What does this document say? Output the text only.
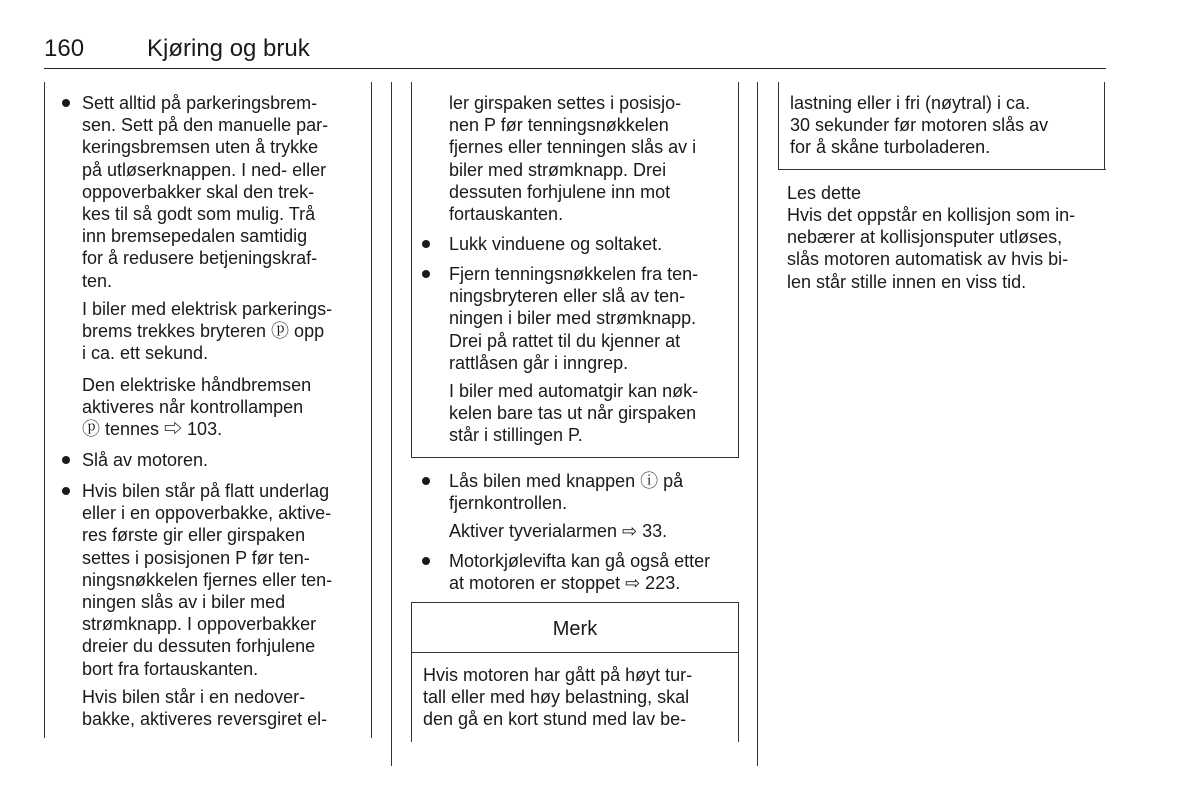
160	Kjøring og bruk
Sett alltid på parkeringsbrem-
sen. Sett på den manuelle par-
keringsbremsen uten å trykke
på utløserknappen. I ned- eller
oppoverbakker skal den trek-
kes til så godt som mulig. Trå
inn bremsepedalen samtidig
for å redusere betjeningskraf-
ten.
I biler med elektrisk parkerings-
brems trekkes bryteren ⓟ opp
i ca. ett sekund.
Den elektriske håndbremsen
aktiveres når kontrollampen
ⓟ tennes ⇨ 103.
Slå av motoren.
Hvis bilen står på flatt underlag
eller i en oppoverbakke, aktive-
res første gir eller girspaken
settes i posisjonen P før ten-
ningsnøkkelen fjernes eller ten-
ningen slås av i biler med
strømknapp. I oppoverbakker
dreier du dessuten forhjulene
bort fra fortauskanten.
Hvis bilen står i en nedover-
bakke, aktiveres reversgiret el-
ler girspaken settes i posisjo-
nen P før tenningsnøkkelen
fjernes eller tenningen slås av i
biler med strømknapp. Drei
dessuten forhjulene inn mot
fortauskanten.
Lukk vinduene og soltaket.
Fjern tenningsnøkkelen fra ten-
ningsbryteren eller slå av ten-
ningen i biler med strømknapp.
Drei på rattet til du kjenner at
rattlåsen går i inngrep.
I biler med automatgir kan nøk-
kelen bare tas ut når girspaken
står i stillingen P.
Lås bilen med knappen ⓘ på
fjernkontrollen.
Aktiver tyverialarmen ⇨ 33.
Motorkjølevifta kan gå også etter
at motoren er stoppet ⇨ 223.
Merk
Hvis motoren har gått på høyt tur-
tall eller med høy belastning, skal
den gå en kort stund med lav be-
lastning eller i fri (nøytral) i ca.
30 sekunder før motoren slås av
for å skåne turboladeren.
Les dette
Hvis det oppstår en kollisjon som in-
nebærer at kollisjonsputer utløses,
slås motoren automatisk av hvis bi-
len står stille innen en viss tid.
